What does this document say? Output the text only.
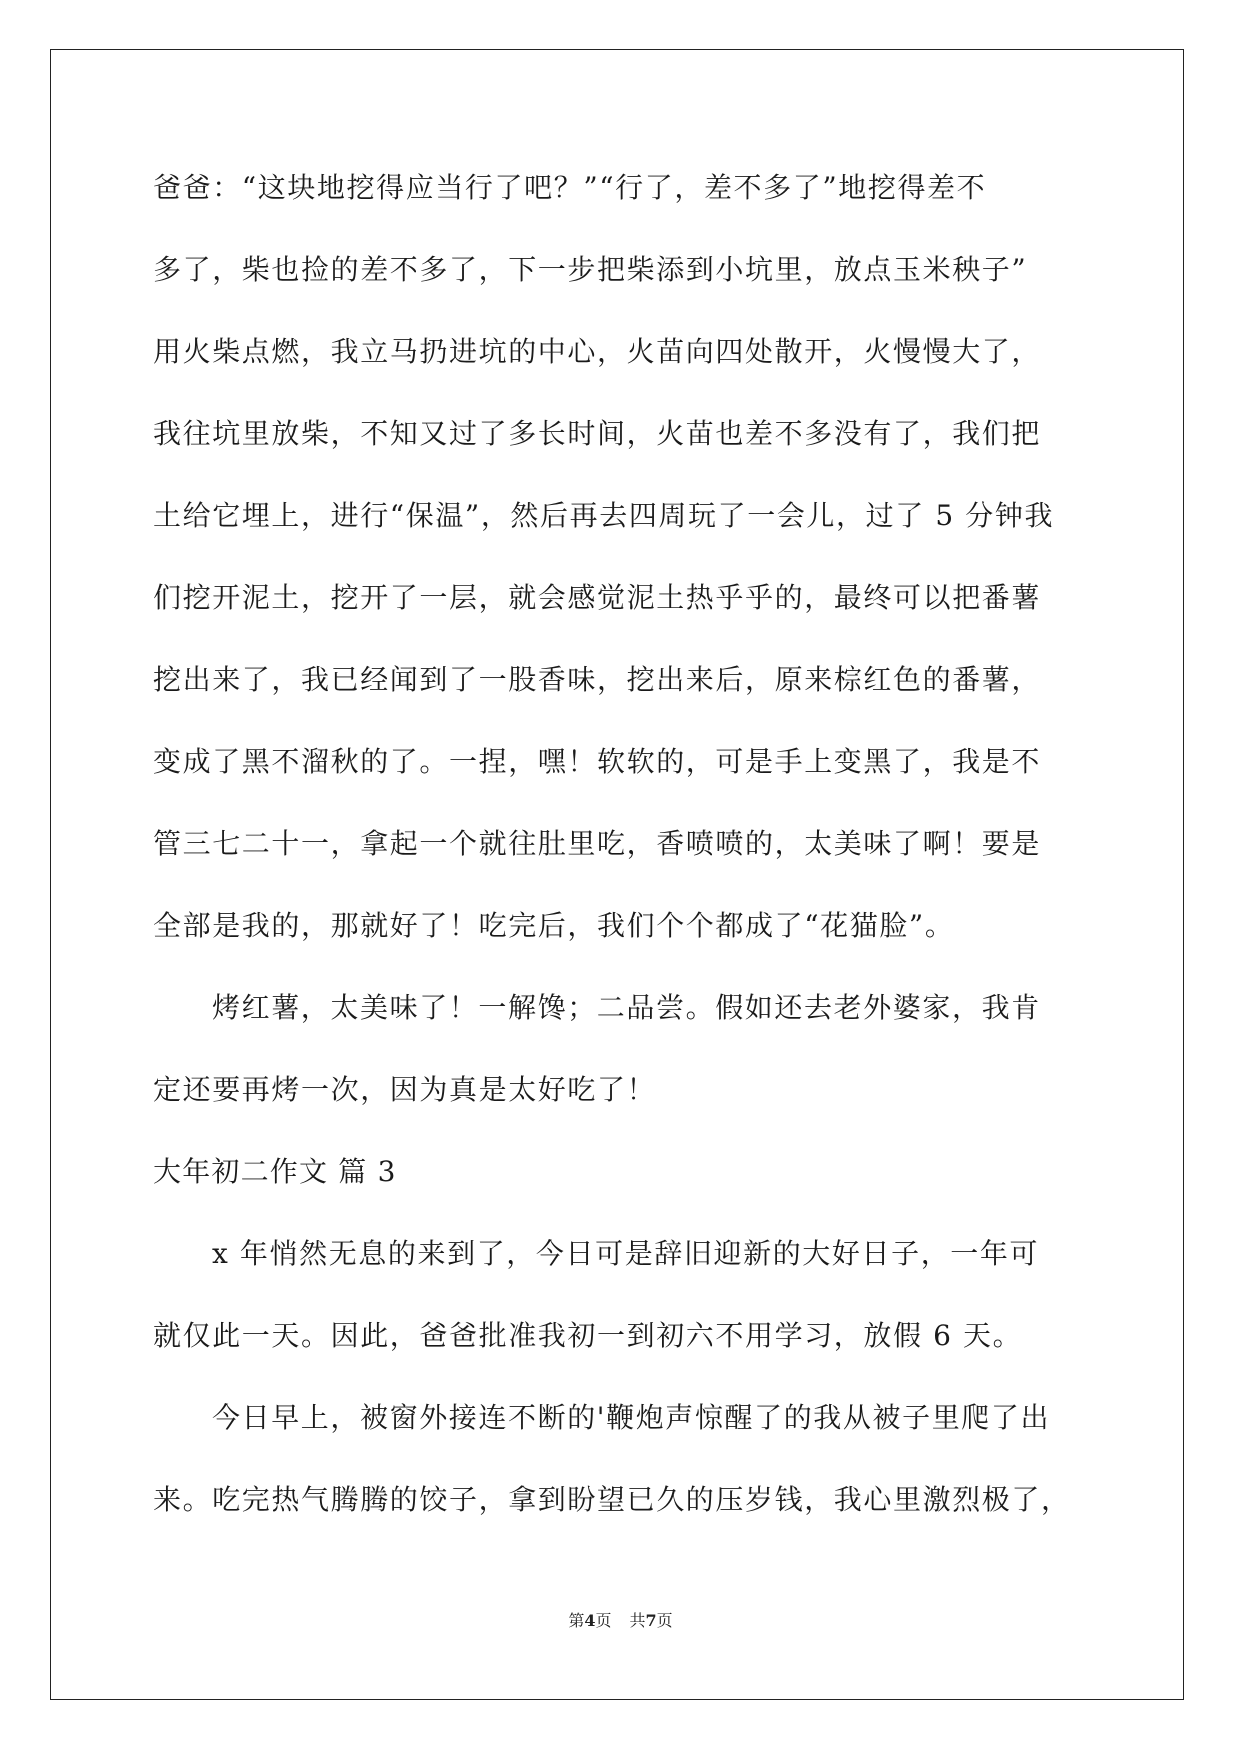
爸爸：“这块地挖得应当行了吧？”“行了，差不多了”地挖得差不
多了，柴也捡的差不多了，下一步把柴添到小坑里，放点玉米秧子”
用火柴点燃，我立马扔进坑的中心，火苗向四处散开，火慢慢大了，
我往坑里放柴，不知又过了多长时间，火苗也差不多没有了，我们把
土给它埋上，进行“保温”，然后再去四周玩了一会儿，过了 5 分钟我
们挖开泥土，挖开了一层，就会感觉泥土热乎乎的，最终可以把番薯
挖出来了，我已经闻到了一股香味，挖出来后，原来棕红色的番薯，
变成了黑不溜秋的了。一捏，嘿！软软的，可是手上变黑了，我是不
管三七二十一，拿起一个就往肚里吃，香喷喷的，太美味了啊！要是
全部是我的，那就好了！吃完后，我们个个都成了“花猫脸”。
烤红薯，太美味了！一解馋；二品尝。假如还去老外婆家，我肯
定还要再烤一次，因为真是太好吃了！
大年初二作文 篇 3
x 年悄然无息的来到了，今日可是辞旧迎新的大好日子，一年可
就仅此一天。因此，爸爸批准我初一到初六不用学习，放假 6 天。
今日早上，被窗外接连不断的'鞭炮声惊醒了的我从被子里爬了出
来。吃完热气腾腾的饺子，拿到盼望已久的压岁钱，我心里激烈极了，
第4页 共7页
